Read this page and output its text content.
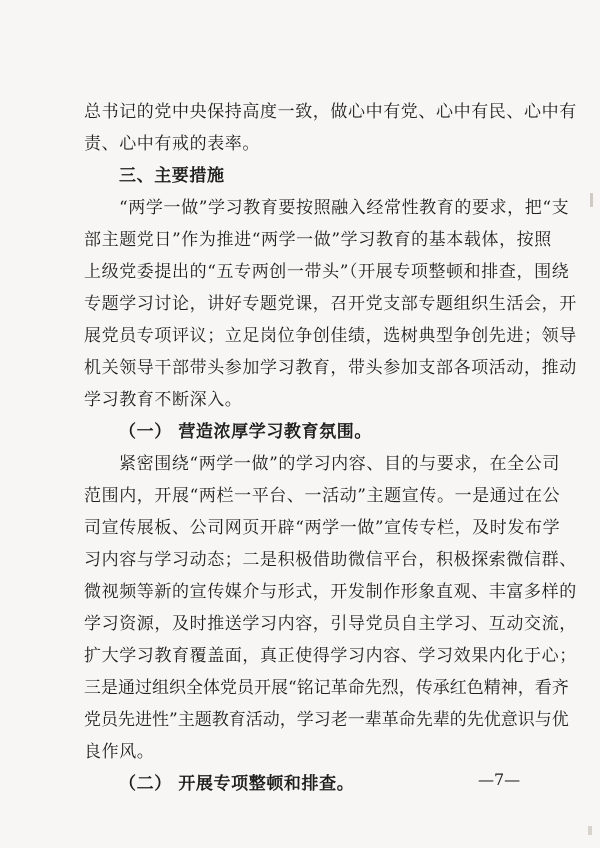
总书记的党中央保持高度一致，做心中有党、心中有民、心中有
责、心中有戒的表率。
三、主要措施
“两学一做”学习教育要按照融入经常性教育的要求，把“支
部主题党日”作为推进“两学一做”学习教育的基本载体，按照
上级党委提出的“五专两创一带头”（开展专项整顿和排查，围绕
专题学习讨论，讲好专题党课，召开党支部专题组织生活会，开
展党员专项评议；立足岗位争创佳绩，选树典型争创先进；领导
机关领导干部带头参加学习教育，带头参加支部各项活动，推动
学习教育不断深入。
（一） 营造浓厚学习教育氛围。
紧密围绕“两学一做”的学习内容、目的与要求，在全公司
范围内，开展“两栏一平台、一活动”主题宣传。一是通过在公
司宣传展板、公司网页开辟“两学一做”宣传专栏，及时发布学
习内容与学习动态；二是积极借助微信平台，积极探索微信群、
微视频等新的宣传媒介与形式，开发制作形象直观、丰富多样的
学习资源，及时推送学习内容，引导党员自主学习、互动交流，
扩大学习教育覆盖面，真正使得学习内容、学习效果内化于心；
三是通过组织全体党员开展“铭记革命先烈，传承红色精神，看齐
党员先进性”主题教育活动，学习老一辈革命先辈的先优意识与优
良作风。
（二） 开展专项整顿和排查。	—7—
